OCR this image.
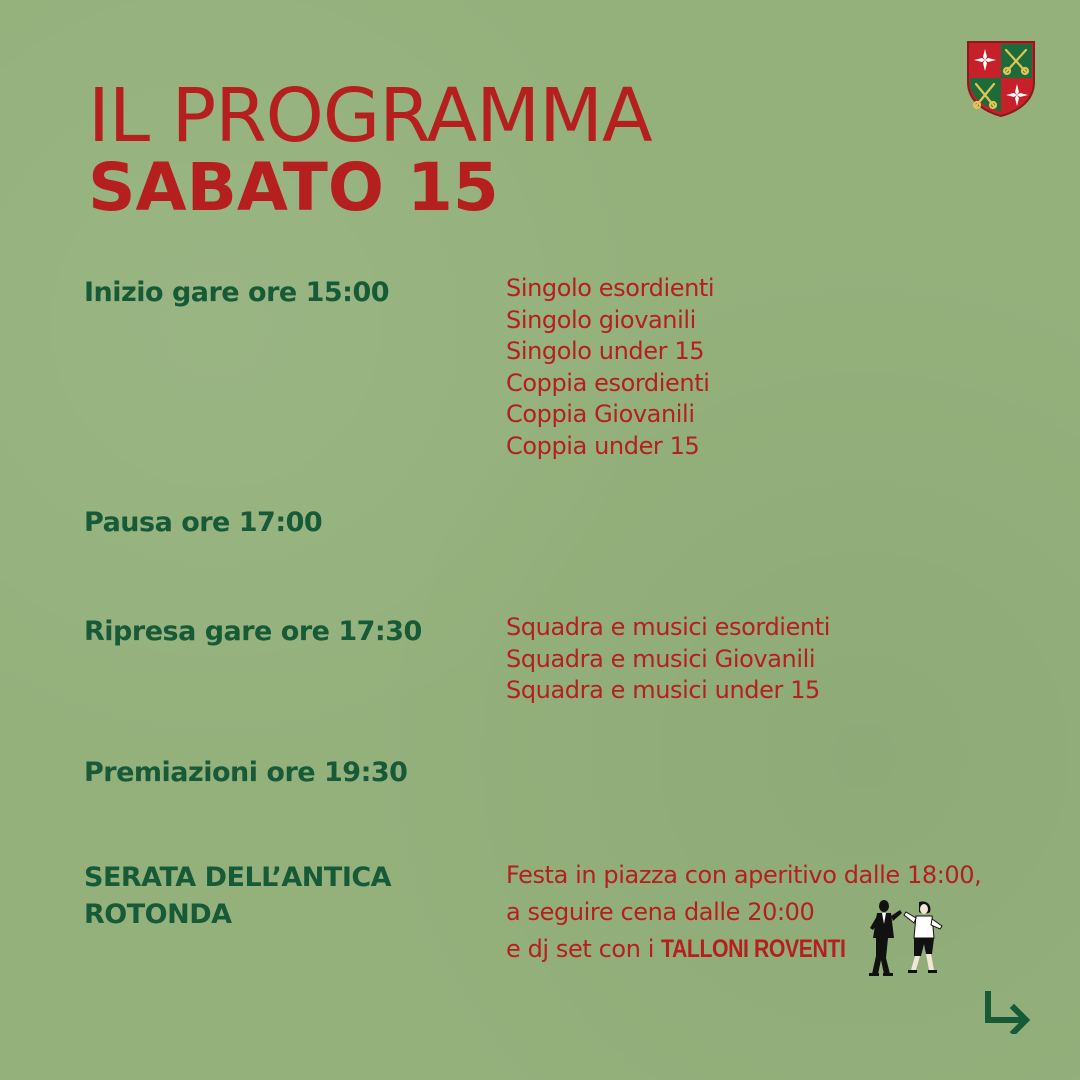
IL PROGRAMMA
SABATO 15

Inizio gare ore 15:00	Singolo esordienti
Singolo giovanili
Singolo under 15
Coppia esordienti
Coppia Giovanili
Coppia under 15

Pausa ore 17:00

Ripresa gare ore 17:30	Squadra e musici esordienti
Squadra e musici Giovanili
Squadra e musici under 15

Premiazioni ore 19:30

SERATA DELL’ANTICA

ROTONDA

Festa in piazza con aperitivo dalle 18:00,
a seguire cena dalle 20:00
e dj set con i TALLONI ROVENTI
